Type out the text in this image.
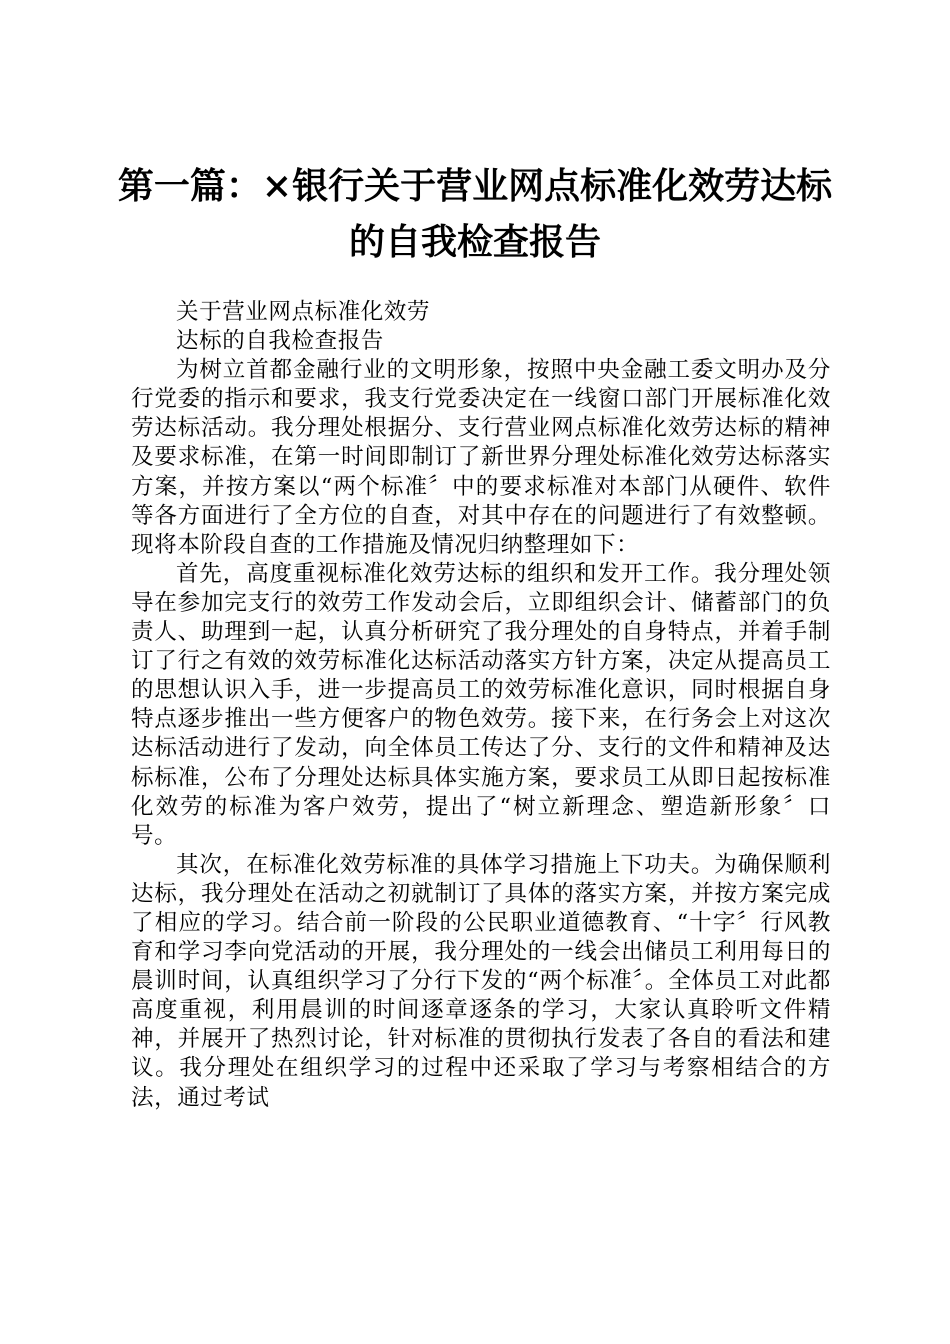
第一篇：×银行关于营业网点标准化效劳达标的自我检查报告

关于营业网点标准化效劳

达标的自我检查报告

为树立首都金融行业的文明形象，按照中央金融工委文明办及分行党委的指示和要求，我支行党委决定在一线窗口部门开展标准化效劳达标活动。我分理处根据分、支行营业网点标准化效劳达标的精神及要求标准，在第一时间即制订了新世界分理处标准化效劳达标落实方案，并按方案以“两个标准〞中的要求标准对本部门从硬件、软件等各方面进行了全方位的自查，对其中存在的问题进行了有效整顿。现将本阶段自查的工作措施及情况归纳整理如下：

首先，高度重视标准化效劳达标的组织和发开工作。我分理处领导在参加完支行的效劳工作发动会后，立即组织会计、储蓄部门的负责人、助理到一起，认真分析研究了我分理处的自身特点，并着手制订了行之有效的效劳标准化达标活动落实方针方案，决定从提高员工的思想认识入手，进一步提高员工的效劳标准化意识，同时根据自身特点逐步推出一些方便客户的物色效劳。接下来，在行务会上对这次达标活动进行了发动，向全体员工传达了分、支行的文件和精神及达标标准，公布了分理处达标具体实施方案，要求员工从即日起按标准化效劳的标准为客户效劳，提出了“树立新理念、塑造新形象〞口号。

其次，在标准化效劳标准的具体学习措施上下功夫。为确保顺利达标，我分理处在活动之初就制订了具体的落实方案，并按方案完成了相应的学习。结合前一阶段的公民职业道德教育、“十字〞行风教育和学习李向党活动的开展，我分理处的一线会出储员工利用每日的晨训时间，认真组织学习了分行下发的“两个标准〞。全体员工对此都高度重视，利用晨训的时间逐章逐条的学习，大家认真聆听文件精神，并展开了热烈讨论，针对标准的贯彻执行发表了各自的看法和建议。我分理处在组织学习的过程中还采取了学习与考察相结合的方法，通过考试
